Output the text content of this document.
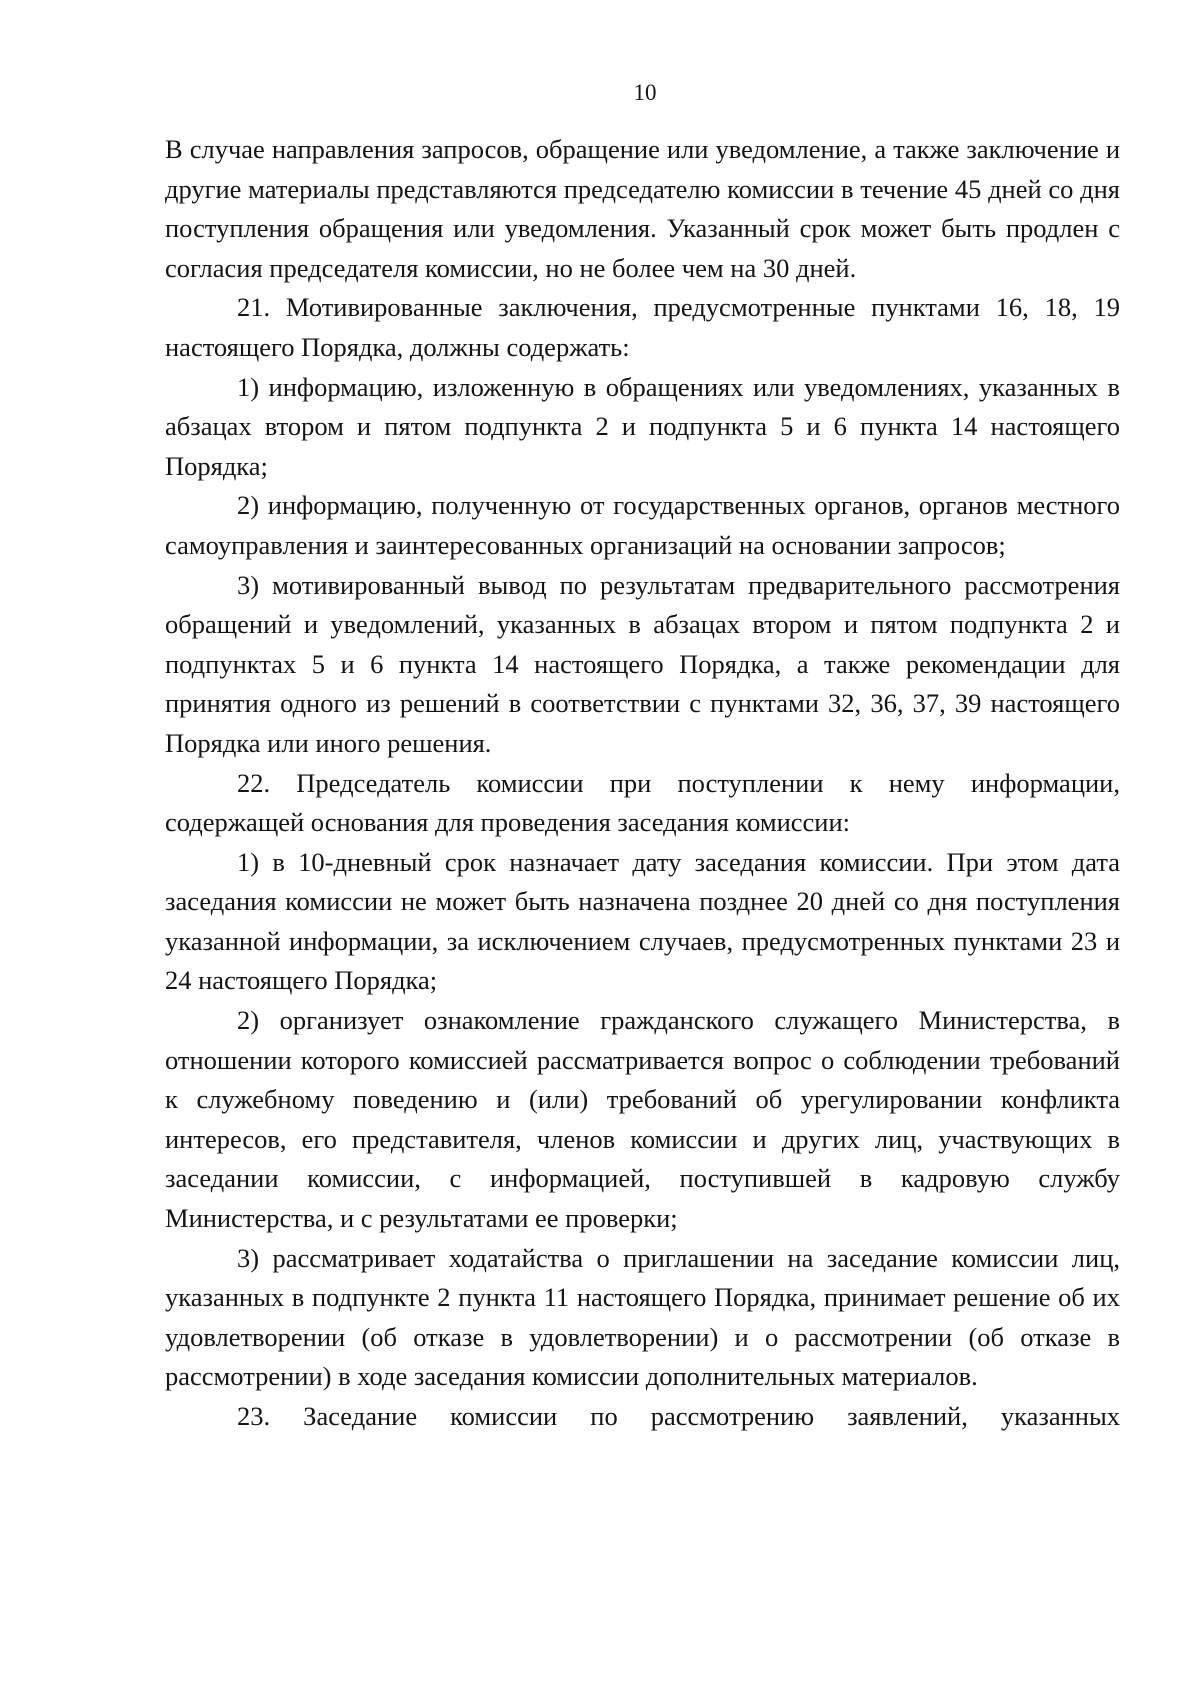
10

В случае направления запросов, обращение или уведомление, а также заключение и другие материалы представляются председателю комиссии в течение 45 дней со дня поступления обращения или уведомления. Указанный срок может быть продлен с согласия председателя комиссии, но не более чем на 30 дней.

21. Мотивированные заключения, предусмотренные пунктами 16, 18, 19 настоящего Порядка, должны содержать:

1) информацию, изложенную в обращениях или уведомлениях, указанных в абзацах втором и пятом подпункта 2 и подпункта 5 и 6 пункта 14 настоящего Порядка;

2) информацию, полученную от государственных органов, органов местного самоуправления и заинтересованных организаций на основании запросов;

3) мотивированный вывод по результатам предварительного рассмотрения обращений и уведомлений, указанных в абзацах втором и пятом подпункта 2 и подпунктах 5 и 6 пункта 14 настоящего Порядка, а также рекомендации для принятия одного из решений в соответствии с пунктами 32, 36, 37, 39 настоящего Порядка или иного решения.

22. Председатель комиссии при поступлении к нему информации, содержащей основания для проведения заседания комиссии:

1) в 10-дневный срок назначает дату заседания комиссии. При этом дата заседания комиссии не может быть назначена позднее 20 дней со дня поступления указанной информации, за исключением случаев, предусмотренных пунктами 23 и 24 настоящего Порядка;

2) организует ознакомление гражданского служащего Министерства, в отношении которого комиссией рассматривается вопрос о соблюдении требований к служебному поведению и (или) требований об урегулировании конфликта интересов, его представителя, членов комиссии и других лиц, участвующих в заседании комиссии, с информацией, поступившей в кадровую службу Министерства, и с результатами ее проверки;

3) рассматривает ходатайства о приглашении на заседание комиссии лиц, указанных в подпункте 2 пункта 11 настоящего Порядка, принимает решение об их удовлетворении (об отказе в удовлетворении) и о рассмотрении (об отказе в рассмотрении) в ходе заседания комиссии дополнительных материалов.

23. Заседание комиссии по рассмотрению заявлений, указанных
